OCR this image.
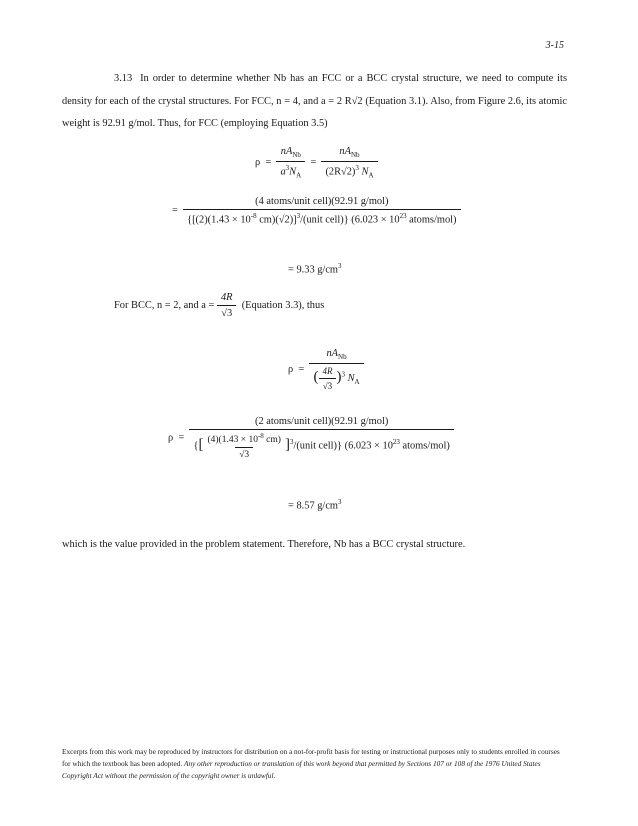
3-15

3.13 In order to determine whether Nb has an FCC or a BCC crystal structure, we need to compute its density for each of the crystal structures. For FCC, n = 4, and a = 2 R√2 (Equation 3.1). Also, from Figure 2.6, its atomic weight is 92.91 g/mol. Thus, for FCC (employing Equation 3.5)

$\rho = \frac{nA_{Nb}}{a^3N_A} = \frac{nA_{Nb}}{(2R√2)^3 N_A}$
=
(4 atoms/unit cell)(92.91 g/mol)
{[$(2)(1.43 \times 10^{-8}$ cm)(√2)]$^3$/(unit cell)} ($6.023 \times 10^{23}$ atoms/mol)
= 9.33 $g/cm^3$
For BCC, n = 2, and $a = \frac{4R}{√3}$ (Equation 3.3), thus
$\rho = \frac{nA_{Nb}}{( \frac{4R}{√3} )^3 N_A}$
ρ =
(2 atoms/unit cell)(92.91 g/mol)
{[ $\frac{(4)(1.43 \times 10^{-8} cm)}{√3}$ ]$^3$/(unit cell)} ($6.023 \times 10^{23}$ atoms/mol)
= 8.57 $g/cm^3$

which is the value provided in the problem statement. Therefore, Nb has a BCC crystal structure.

Excerpts from this work may be reproduced by instructors for distribution on a not-for-profit basis for testing or instructional purposes only to students enrolled in courses for which the textbook has been adopted. Any other reproduction or translation of this work beyond that permitted by Sections 107 or 108 of the 1976 United States Copyright Act without the permission of the copyright owner is unlawful.
